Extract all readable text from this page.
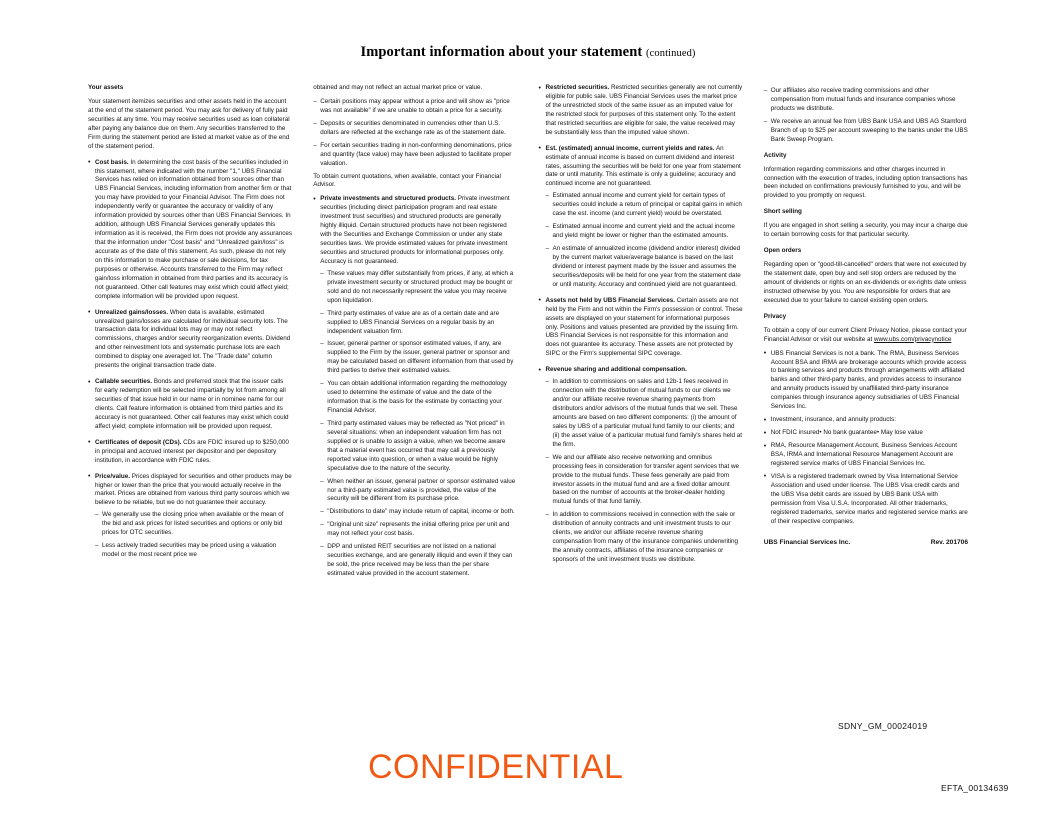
Important information about your statement (continued)

Your assets

Your statement itemizes securities and other assets held in the account at the end of the statement period. You may ask for delivery of fully paid securities at any time. You may receive securities used as loan collateral after paying any balance due on them. Any securities transferred to the Firm during the statement period are listed at market value as of the end of the statement period.

• Cost basis. In determining the cost basis of the securities included in this statement, where indicated with the number "1," UBS Financial Services has relied on information obtained from sources other than UBS Financial Services, including information from another firm or that you may have provided to your Financial Advisor. The Firm does not independently verify or guarantee the accuracy or validity of any information provided by sources other than UBS Financial Services. In addition, although UBS Financial Services generally updates this information as it is received, the Firm does not provide any assurances that the information under "Cost basis" and "Unrealized gain/loss" is accurate as of the date of this statement. As such, please do not rely on this information to make purchase or sale decisions, for tax purposes or otherwise. Accounts transferred to the Firm may reflect gain/loss information in obtained from third parties and its accuracy is not guaranteed. Other call features may exist which could affect yield; complete information will be provided upon request.
• Unrealized gains/losses. When data is available, estimated unrealized gains/losses are calculated for individual security lots. The transaction data for individual lots may or may not reflect commissions, charges and/or security reorganization events. Dividend and other reinvestment lots and systematic purchase lots are each combined to display one averaged lot. The "Trade date" column presents the original transaction trade date.
• Callable securities. Bonds and preferred stock that the issuer calls for early redemption will be selected impartially by lot from among all securities of that issue held in our name or in nominee name for our clients. Call feature information is obtained from third parties and its accuracy is not guaranteed. Other call features may exist which could affect yield; complete information will be provided upon request.
• Certificates of deposit (CDs). CDs are FDIC insured up to $250,000 in principal and accrued interest per depositor and per depository institution, in accordance with FDIC rules.
• Price/value. Prices displayed for securities and other products may be higher or lower than the price that you would actually receive in the market. Prices are obtained from various third party sources which we believe to be reliable, but we do not guarantee their accuracy.
– We generally use the closing price when available or the mean of the bid and ask prices for listed securities and options or only bid prices for OTC securities.
– Less actively traded securities may be priced using a valuation model or the most recent price we

obtained and may not reflect an actual market price or value.

– Certain positions may appear without a price and will show as "price was not available" if we are unable to obtain a price for a security.
– Deposits or securities denominated in currencies other than U.S. dollars are reflected at the exchange rate as of the statement date.
– For certain securities trading in non-conforming denominations, price and quantity (face value) may have been adjusted to facilitate proper valuation.

To obtain current quotations, when available, contact your Financial Advisor.

• Private investments and structured products. Private investment securities (including direct participation program and real estate investment trust securities) and structured products are generally highly illiquid. Certain structured products have not been registered with the Securities and Exchange Commission or under any state securities laws. We provide estimated values for private investment securities and structured products for informational purposes only. Accuracy is not guaranteed.
– These values may differ substantially from prices, if any, at which a private investment security or structured product may be bought or sold and do not necessarily represent the value you may receive upon liquidation.
– Third party estimates of value are as of a certain date and are supplied to UBS Financial Services on a regular basis by an independent valuation firm.
– Issuer, general partner or sponsor estimated values, if any, are supplied to the Firm by the issuer, general partner or sponsor and may be calculated based on different information from that used by third parties to derive their estimated values.
– You can obtain additional information regarding the methodology used to determine the estimate of value and the date of the information that is the basis for the estimate by contacting your Financial Advisor.
– Third party estimated values may be reflected as "Not priced" in several situations: when an independent valuation firm has not supplied or is unable to assign a value, when we become aware that a material event has occurred that may call a previously reported value into question, or when a value would be highly speculative due to the nature of the security.
– When neither an issuer, general partner or sponsor estimated value nor a third-party estimated value is provided, the value of the security will be different from its purchase price.
– "Distributions to date" may include return of capital, income or both.
– "Original unit size" represents the initial offering price per unit and may not reflect your cost basis.
– DPP and unlisted REIT securities are not listed on a national securities exchange, and are generally illiquid and even if they can be sold, the price received may be less than the per share estimated value provided in the account statement.
• Restricted securities. Restricted securities generally are not currently eligible for public sale. UBS Financial Services uses the market price of the unrestricted stock of the same issuer as an imputed value for the restricted stock for purposes of this statement only. To the extent that restricted securities are eligible for sale, the value received may be substantially less than the imputed value shown.
• Est. (estimated) annual income, current yields and rates. An estimate of annual income is based on current dividend and interest rates, assuming the securities will be held for one year from statement date or until maturity. This estimate is only a guideline; accuracy and continued income are not guaranteed.
– Estimated annual income and current yield for certain types of securities could include a return of principal or capital gains in which case the est. income (and current yield) would be overstated.
– Estimated annual income and current yield and the actual income and yield might be lower or higher than the estimated amounts.
– An estimate of annualized income (dividend and/or interest) divided by the current market value/average balance is based on the last dividend or interest payment made by the issuer and assumes the securities/deposits will be held for one year from the statement date or until maturity. Accuracy and continued yield are not guaranteed.
• Assets not held by UBS Financial Services. Certain assets are not held by the Firm and not within the Firm's possession or control. These assets are displayed on your statement for informational purposes only. Positions and values presented are provided by the issuing firm. UBS Financial Services is not responsible for this information and does not guarantee its accuracy. These assets are not protected by SIPC or the Firm's supplemental SIPC coverage.
• Revenue sharing and additional compensation.
– In addition to commissions on sales and 12b-1 fees received in connection with the distribution of mutual funds to our clients we and/or our affiliate receive revenue sharing payments from distributors and/or advisors of the mutual funds that we sell. These amounts are based on two different components: (i) the amount of sales by UBS of a particular mutual fund family to our clients; and (ii) the asset value of a particular mutual fund family's shares held at the firm.
– We and our affiliate also receive networking and omnibus processing fees in consideration for transfer agent services that we provide to the mutual funds. These fees generally are paid from investor assets in the mutual fund and are a fixed dollar amount based on the number of accounts at the broker-dealer holding mutual funds of that fund family.
– In addition to commissions received in connection with the sale or distribution of annuity contracts and unit investment trusts to our clients, we and/or our affiliate receive revenue sharing compensation from many of the insurance companies underwriting the annuity contracts, affiliates of the insurance companies or sponsors of the unit investment trusts we distribute.
– Our affiliates also receive trading commissions and other compensation from mutual funds and insurance companies whose products we distribute.
– We receive an annual fee from UBS Bank USA and UBS AG Stamford Branch of up to $25 per account sweeping to the banks under the UBS Bank Sweep Program.

Activity

Information regarding commissions and other charges incurred in connection with the execution of trades, including option transactions has been included on confirmations previously furnished to you, and will be provided to you promptly on request.

Short selling

If you are engaged in short selling a security, you may incur a charge due to certain borrowing costs for that particular security.

Open orders

Regarding open or "good-till-cancelled" orders that were not executed by the statement date, open buy and sell stop orders are reduced by the amount of dividends or rights on an ex-dividends or ex-rights date unless instructed otherwise by you. You are responsible for orders that are executed due to your failure to cancel existing open orders.

Privacy

To obtain a copy of our current Client Privacy Notice, please contact your Financial Advisor or visit our website at www.ubs.com/privacynotice

• UBS Financial Services is not a bank. The RMA, Business Services Account BSA and IRMA are brokerage accounts which provide access to banking services and products through arrangements with affiliated banks and other third-party banks, and provides access to insurance and annuity products issued by unaffiliated third-party insurance companies through insurance agency subsidiaries of UBS Financial Services Inc.
• Investment, insurance, and annuity products:
• Not FDIC insured• No bank guarantee• May lose value
• RMA, Resource Management Account, Business Services Account BSA, IRMA and International Resource Management Account are registered service marks of UBS Financial Services Inc.
• VISA is a registered trademark owned by Visa International Service Association and used under license. The UBS Visa credit cards and the UBS Visa debit cards are issued by UBS Bank USA with permission from Visa U.S.A. Incorporated. All other trademarks, registered trademarks, service marks and registered service marks are of their respective companies.
UBS Financial Services Inc.	Rev. 201706
SDNY_GM_00024019
CONFIDENTIAL
EFTA_00134639
